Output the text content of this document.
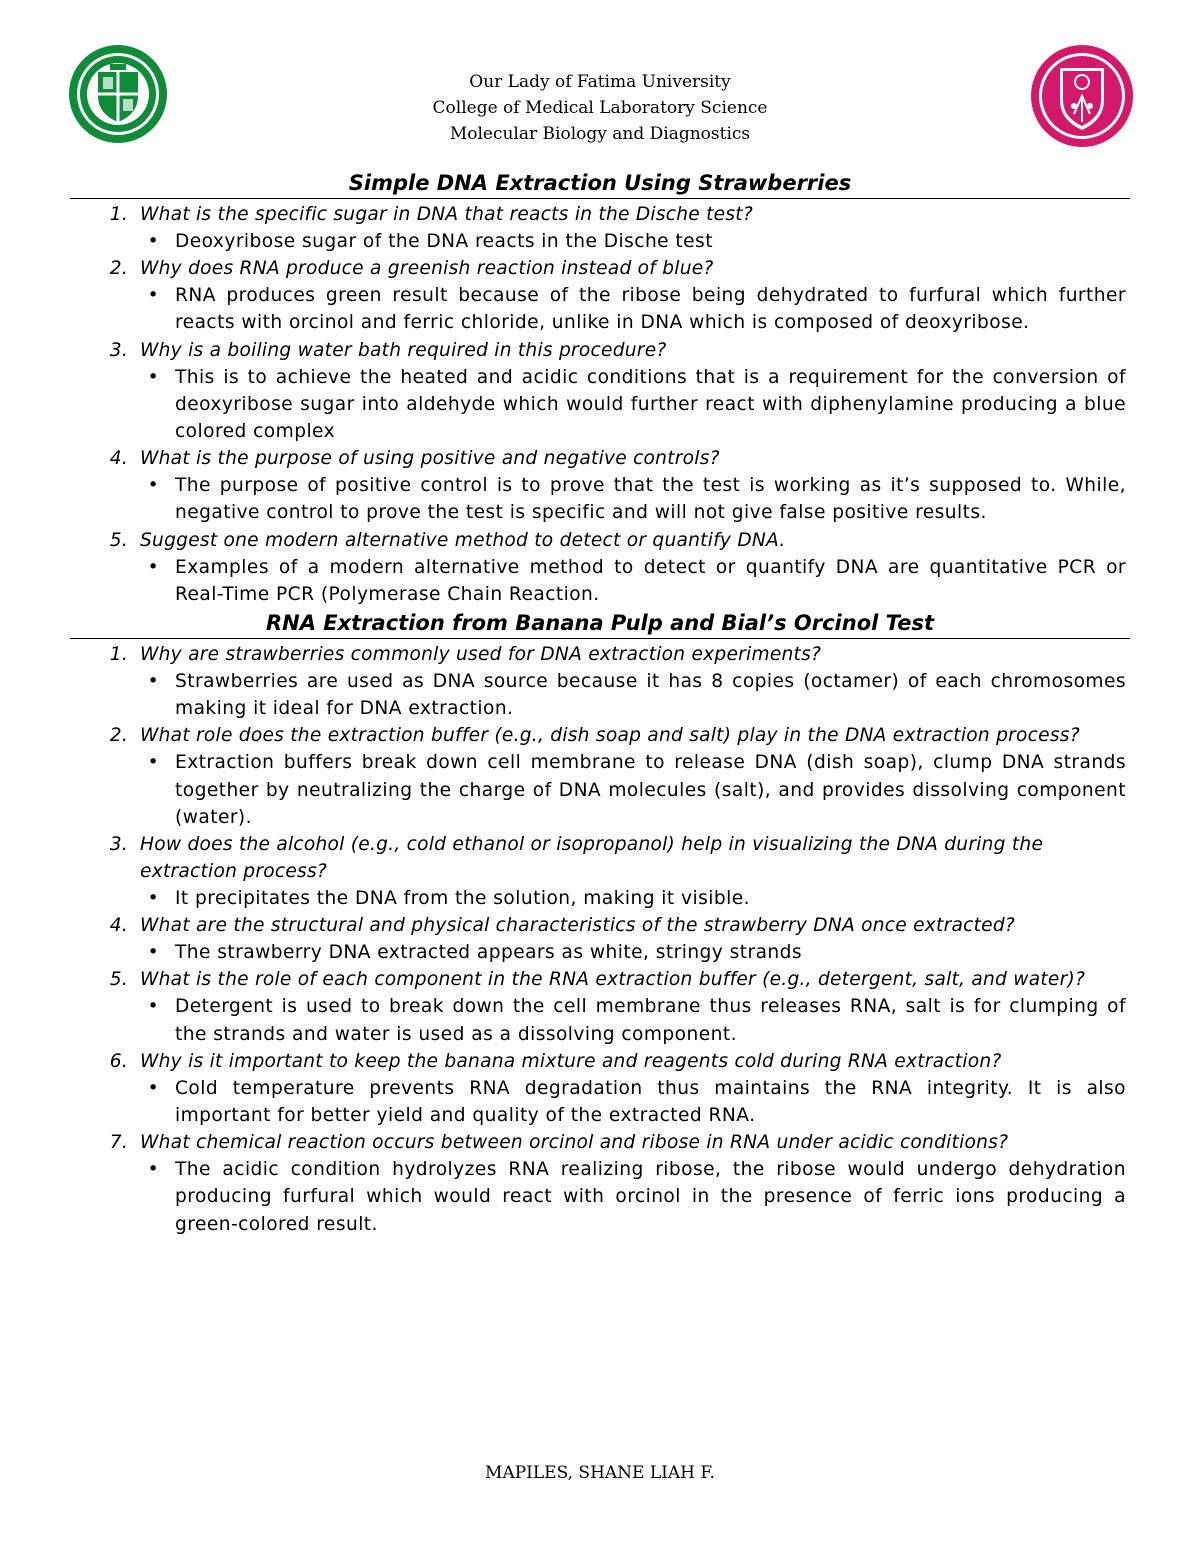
Our Lady of Fatima University
College of Medical Laboratory Science
Molecular Biology and Diagnostics
Simple DNA Extraction Using Strawberries
1. What is the specific sugar in DNA that reacts in the Dische test?
• Deoxyribose sugar of the DNA reacts in the Dische test
2. Why does RNA produce a greenish reaction instead of blue?
• RNA produces green result because of the ribose being dehydrated to furfural which further reacts with orcinol and ferric chloride, unlike in DNA which is composed of deoxyribose.
3. Why is a boiling water bath required in this procedure?
• This is to achieve the heated and acidic conditions that is a requirement for the conversion of deoxyribose sugar into aldehyde which would further react with diphenylamine producing a blue colored complex
4. What is the purpose of using positive and negative controls?
• The purpose of positive control is to prove that the test is working as it’s supposed to. While, negative control to prove the test is specific and will not give false positive results.
5. Suggest one modern alternative method to detect or quantify DNA.
• Examples of a modern alternative method to detect or quantify DNA are quantitative PCR or Real-Time PCR (Polymerase Chain Reaction.
RNA Extraction from Banana Pulp and Bial’s Orcinol Test
1. Why are strawberries commonly used for DNA extraction experiments?
• Strawberries are used as DNA source because it has 8 copies (octamer) of each chromosomes making it ideal for DNA extraction.
2. What role does the extraction buffer (e.g., dish soap and salt) play in the DNA extraction process?
• Extraction buffers break down cell membrane to release DNA (dish soap), clump DNA strands together by neutralizing the charge of DNA molecules (salt), and provides dissolving component (water).
3. How does the alcohol (e.g., cold ethanol or isopropanol) help in visualizing the DNA during the extraction process?
• It precipitates the DNA from the solution, making it visible.
4. What are the structural and physical characteristics of the strawberry DNA once extracted?
• The strawberry DNA extracted appears as white, stringy strands
5. What is the role of each component in the RNA extraction buffer (e.g., detergent, salt, and water)?
• Detergent is used to break down the cell membrane thus releases RNA, salt is for clumping of the strands and water is used as a dissolving component.
6. Why is it important to keep the banana mixture and reagents cold during RNA extraction?
• Cold temperature prevents RNA degradation thus maintains the RNA integrity. It is also important for better yield and quality of the extracted RNA.
7. What chemical reaction occurs between orcinol and ribose in RNA under acidic conditions?
• The acidic condition hydrolyzes RNA realizing ribose, the ribose would undergo dehydration producing furfural which would react with orcinol in the presence of ferric ions producing a green-colored result.
MAPILES, SHANE LIAH F.
